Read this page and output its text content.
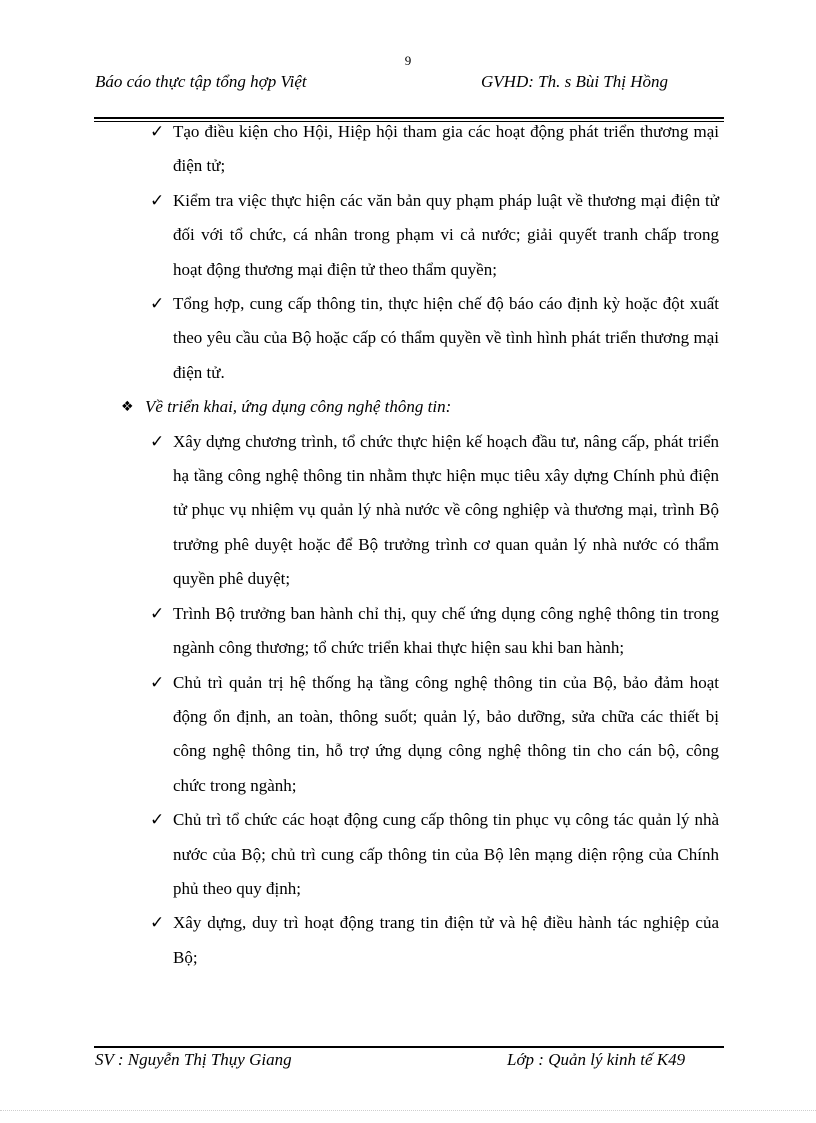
9
Báo cáo thực tập tổng hợp Việt	GVHD: Th. s Bùi Thị Hồng
✓ Tạo điều kiện cho Hội, Hiệp hội tham gia các hoạt động phát triển thương mại điện tử;
✓ Kiểm tra việc thực hiện các văn bản quy phạm pháp luật về thương mại điện tử đối với tổ chức, cá nhân trong phạm vi cả nước; giải quyết tranh chấp trong hoạt động thương mại điện tử theo thẩm quyền;
✓ Tổng hợp, cung cấp thông tin, thực hiện chế độ báo cáo định kỳ hoặc đột xuất theo yêu cầu của Bộ hoặc cấp có thẩm quyền về tình hình phát triển thương mại điện tử.
❖ Về triển khai, ứng dụng công nghệ thông tin:
✓ Xây dựng chương trình, tổ chức thực hiện kế hoạch đầu tư, nâng cấp, phát triển hạ tầng công nghệ thông tin nhằm thực hiện mục tiêu xây dựng Chính phủ điện tử phục vụ nhiệm vụ quản lý nhà nước về công nghiệp và thương mại, trình Bộ trưởng phê duyệt hoặc để Bộ trưởng trình cơ quan quản lý nhà nước có thẩm quyền phê duyệt;
✓ Trình Bộ trưởng ban hành chỉ thị, quy chế ứng dụng công nghệ thông tin trong ngành công thương; tổ chức triển khai thực hiện sau khi ban hành;
✓ Chủ trì quản trị hệ thống hạ tầng công nghệ thông tin của Bộ, bảo đảm hoạt động ổn định, an toàn, thông suốt; quản lý, bảo dưỡng, sửa chữa các thiết bị công nghệ thông tin, hỗ trợ ứng dụng công nghệ thông tin cho cán bộ, công chức trong ngành;
✓ Chủ trì tổ chức các hoạt động cung cấp thông tin phục vụ công tác quản lý nhà nước của Bộ; chủ trì cung cấp thông tin của Bộ lên mạng diện rộng của Chính phủ theo quy định;
✓ Xây dựng, duy trì hoạt động trang tin điện tử và hệ điều hành tác nghiệp của Bộ;
SV : Nguyễn Thị Thụy Giang	Lớp : Quản lý kinh tế K49
